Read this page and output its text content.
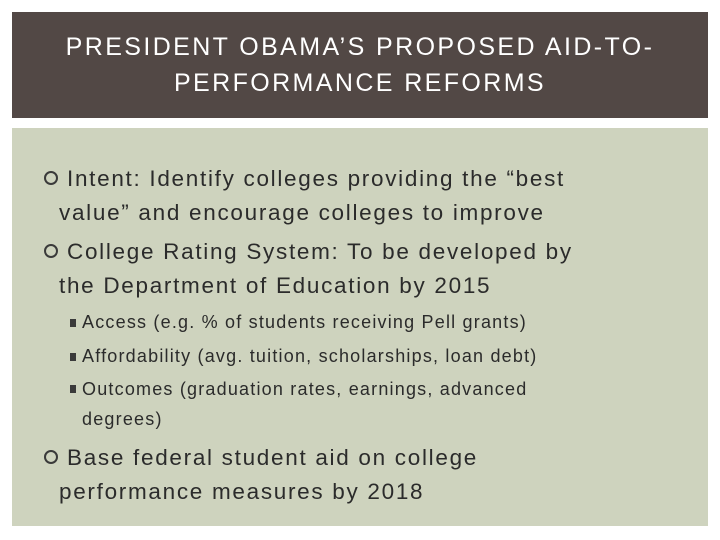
PRESIDENT OBAMA’S PROPOSED AID-TO-
PERFORMANCE REFORMS
Intent: Identify colleges providing the “best
value” and encourage colleges to improve
College Rating System: To be developed by
the Department of Education by 2015
Access (e.g. % of students receiving Pell grants)
Affordability (avg. tuition, scholarships, loan debt)
Outcomes (graduation rates, earnings, advanced
degrees)
Base federal student aid on college
performance measures by 2018
